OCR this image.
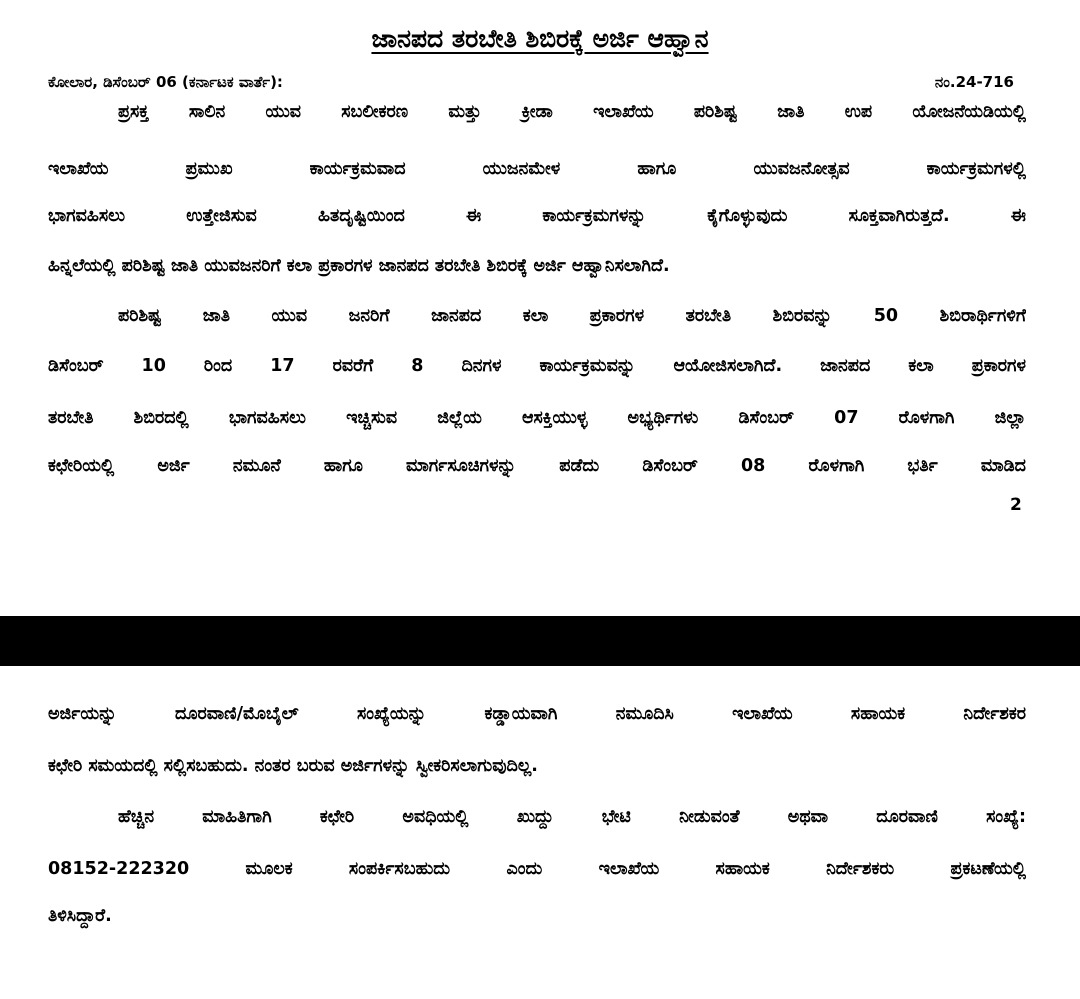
ಜಾನಪದ ತರಬೇತಿ ಶಿಬಿರಕ್ಕೆ ಅರ್ಜಿ ಆಹ್ವಾನ
ಕೋಲಾರ, ಡಿಸೆಂಬರ್ 06 (ಕರ್ನಾಟಕ ವಾರ್ತೆ):	ನಂ.24-716
ಪ್ರಸಕ್ತ ಸಾಲಿನ ಯುವ ಸಬಲೀಕರಣ ಮತ್ತು ಕ್ರೀಡಾ ಇಲಾಖೆಯ ಪರಿಶಿಷ್ಟ ಜಾತಿ ಉಪ ಯೋಜನೆಯಡಿಯಲ್ಲಿ
ಇಲಾಖೆಯ ಪ್ರಮುಖ ಕಾರ್ಯಕ್ರಮವಾದ ಯುಜನಮೇಳ ಹಾಗೂ ಯುವಜನೋತ್ಸವ ಕಾರ್ಯಕ್ರಮಗಳಲ್ಲಿ
ಭಾಗವಹಿಸಲು ಉತ್ತೇಜಿಸುವ ಹಿತದೃಷ್ಟಿಯಿಂದ ಈ ಕಾರ್ಯಕ್ರಮಗಳನ್ನು ಕೈಗೊಳ್ಳುವುದು ಸೂಕ್ತವಾಗಿರುತ್ತದೆ. ಈ
ಹಿನ್ನಲೆಯಲ್ಲಿ ಪರಿಶಿಷ್ಟ ಜಾತಿ ಯುವಜನರಿಗೆ ಕಲಾ ಪ್ರಕಾರಗಳ ಜಾನಪದ ತರಬೇತಿ ಶಿಬಿರಕ್ಕೆ ಅರ್ಜಿ ಆಹ್ವಾನಿಸಲಾಗಿದೆ.
ಪರಿಶಿಷ್ಟ ಜಾತಿ ಯುವ ಜನರಿಗೆ ಜಾನಪದ ಕಲಾ ಪ್ರಕಾರಗಳ ತರಬೇತಿ ಶಿಬಿರವನ್ನು 50 ಶಿಬಿರಾರ್ಥಿಗಳಿಗೆ
ಡಿಸೆಂಬರ್ 10 ರಿಂದ 17 ರವರೆಗೆ 8 ದಿನಗಳ ಕಾರ್ಯಕ್ರಮವನ್ನು ಆಯೋಜಿಸಲಾಗಿದೆ. ಜಾನಪದ ಕಲಾ ಪ್ರಕಾರಗಳ
ತರಬೇತಿ ಶಿಬಿರದಲ್ಲಿ ಭಾಗವಹಿಸಲು ಇಚ್ಚಿಸುವ ಜಿಲ್ಲೆಯ ಆಸಕ್ತಿಯುಳ್ಳ ಅಭ್ಯರ್ಥಿಗಳು ಡಿಸೆಂಬರ್ 07 ರೊಳಗಾಗಿ ಜಿಲ್ಲಾ
ಕಛೇರಿಯಲ್ಲಿ ಅರ್ಜಿ ನಮೂನೆ ಹಾಗೂ ಮಾರ್ಗಸೂಚಿಗಳನ್ನು ಪಡೆದು ಡಿಸೆಂಬರ್ 08 ರೊಳಗಾಗಿ ಭರ್ತಿ ಮಾಡಿದ
2
ಅರ್ಜಿಯನ್ನು ದೂರವಾಣಿ/ಮೊಬೈಲ್ ಸಂಖ್ಯೆಯನ್ನು ಕಡ್ಡಾಯವಾಗಿ ನಮೂದಿಸಿ ಇಲಾಖೆಯ ಸಹಾಯಕ ನಿರ್ದೇಶಕರ
ಕಛೇರಿ ಸಮಯದಲ್ಲಿ ಸಲ್ಲಿಸಬಹುದು. ನಂತರ ಬರುವ ಅರ್ಜಿಗಳನ್ನು ಸ್ವೀಕರಿಸಲಾಗುವುದಿಲ್ಲ.
ಹೆಚ್ಚಿನ ಮಾಹಿತಿಗಾಗಿ ಕಛೇರಿ ಅವಧಿಯಲ್ಲಿ ಖುದ್ದು ಭೇಟಿ ನೀಡುವಂತೆ ಅಥವಾ ದೂರವಾಣಿ ಸಂಖ್ಯೆ:
08152-222320 ಮೂಲಕ ಸಂಪರ್ಕಿಸಬಹುದು ಎಂದು ಇಲಾಖೆಯ ಸಹಾಯಕ ನಿರ್ದೇಶಕರು ಪ್ರಕಟಣೆಯಲ್ಲಿ
ತಿಳಿಸಿದ್ದಾರೆ.
